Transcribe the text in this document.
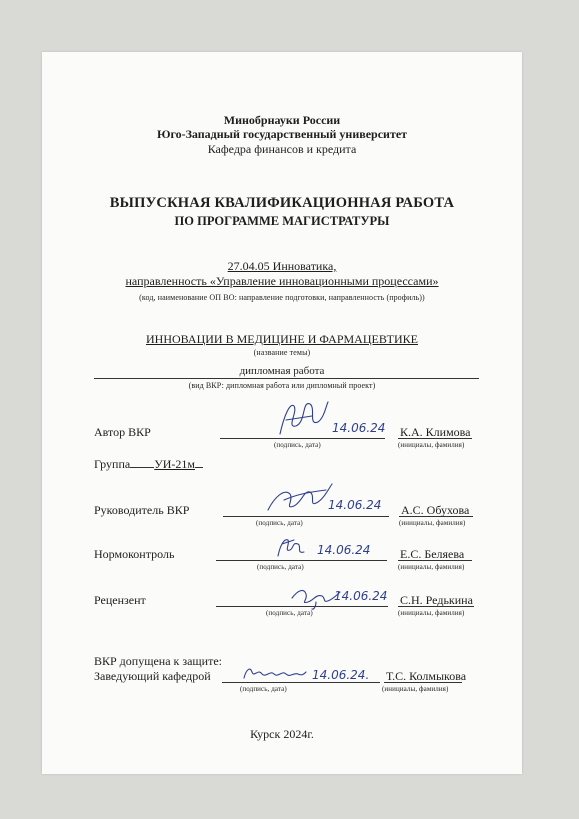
Минобрнауки России
Юго-Западный государственный университет
Кафедра финансов и кредита
ВЫПУСКНАЯ КВАЛИФИКАЦИОННАЯ РАБОТА
ПО ПРОГРАММЕ МАГИСТРАТУРЫ
27.04.05 Инноватика,
направленность «Управление инновационными процессами»
(код, наименование ОП ВО: направление подготовки, направленность (профиль))
ИННОВАЦИИ В МЕДИЦИНЕ И ФАРМАЦЕВТИКЕ
(название темы)
дипломная работа
(вид ВКР: дипломная работа или дипломный проект)
Автор ВКР	14.06.24
(подпись, дата)
К.А. Климова
(инициалы, фамилия)
Группа УИ-21м
Руководитель ВКР	14.06.24
(подпись, дата)
А.С. Обухова
(инициалы, фамилия)
Нормоконтроль	14.06.24
(подпись, дата)
Е.С. Беляева
(инициалы, фамилия)
Рецензент	14.06.24
(подпись, дата)
С.Н. Редькина
(инициалы, фамилия)
ВКР допущена к защите:
Заведующий кафедрой	14.06.24.
(подпись, дата)
Т.С. Колмыкова
(инициалы, фамилия)
Курск 2024г.
